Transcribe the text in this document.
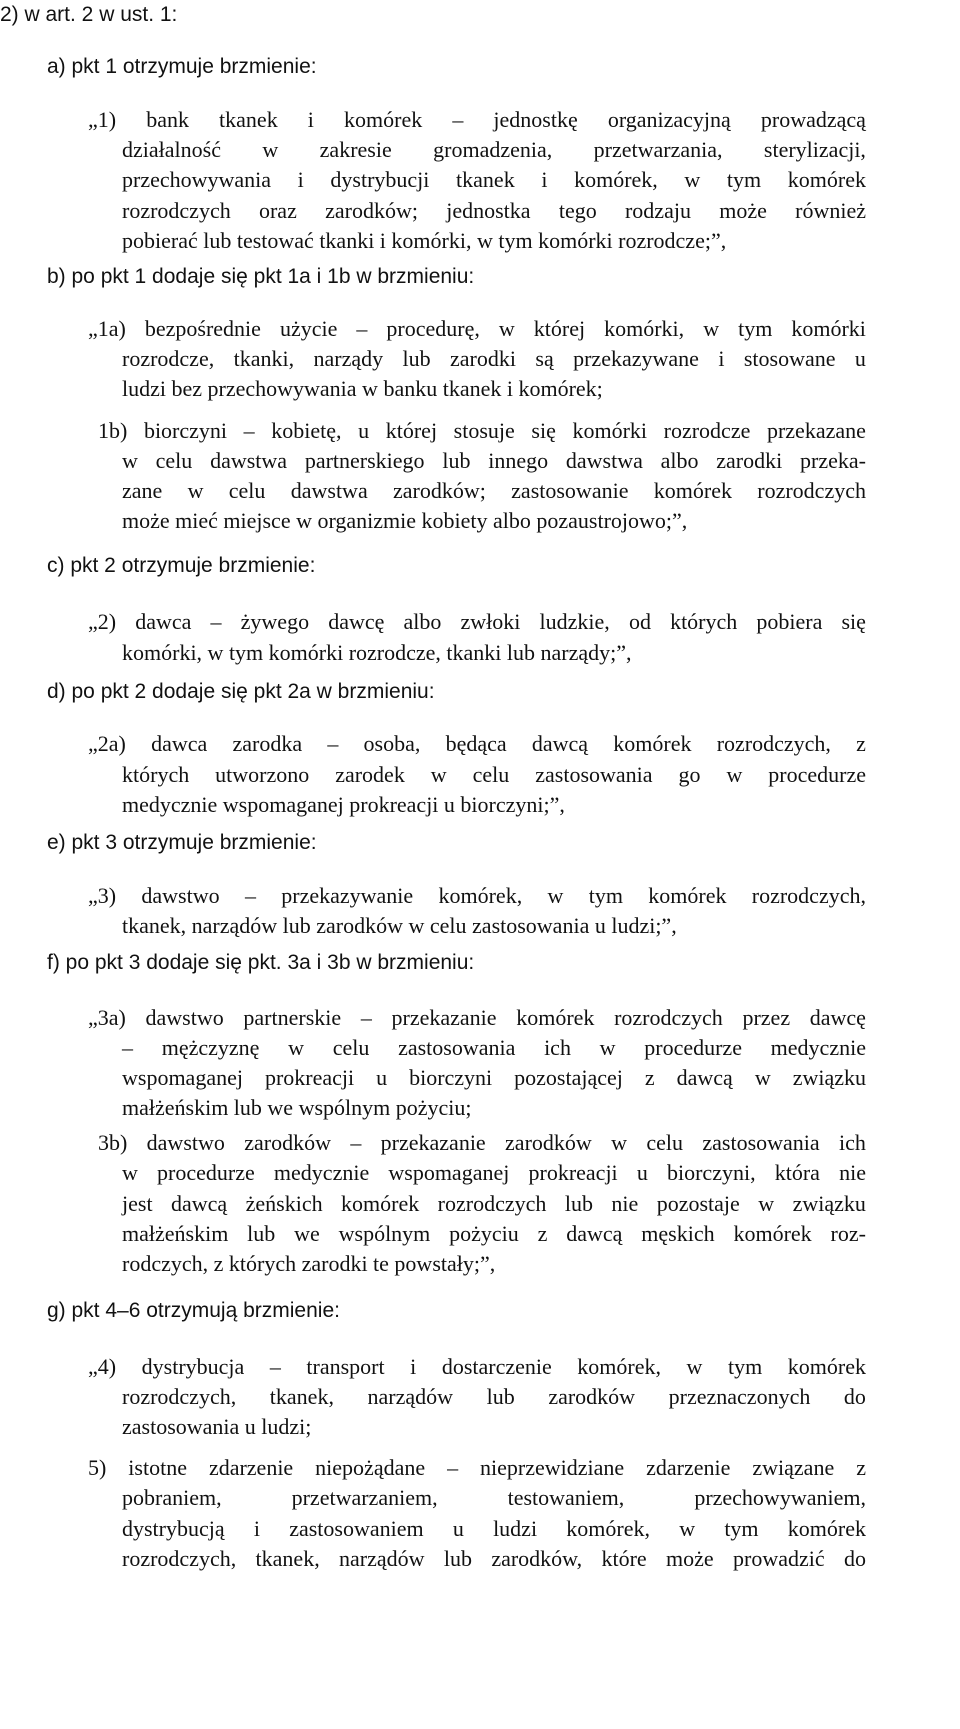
2) w art. 2 w ust. 1:
a) pkt 1 otrzymuje brzmienie:
„1) bank tkanek i komórek – jednostkę organizacyjną prowadzącą
działalność w zakresie gromadzenia, przetwarzania, sterylizacji,
przechowywania i dystrybucji tkanek i komórek, w tym komórek
rozrodczych oraz zarodków; jednostka tego rodzaju może również
pobierać lub testować tkanki i komórki, w tym komórki rozrodcze;”,
b) po pkt 1 dodaje się pkt 1a i 1b w brzmieniu:
„1a) bezpośrednie użycie – procedurę, w której komórki, w tym komórki
rozrodcze, tkanki, narządy lub zarodki są przekazywane i stosowane u
ludzi bez przechowywania w banku tkanek i komórek;
1b) biorczyni – kobietę, u której stosuje się komórki rozrodcze przekazane
w celu dawstwa partnerskiego lub innego dawstwa albo zarodki przeka-
zane w celu dawstwa zarodków; zastosowanie komórek rozrodczych
może mieć miejsce w organizmie kobiety albo pozaustrojowo;”,
c) pkt 2 otrzymuje brzmienie:
„2) dawca – żywego dawcę albo zwłoki ludzkie, od których pobiera się
komórki, w tym komórki rozrodcze, tkanki lub narządy;”,
d) po pkt 2 dodaje się pkt 2a w brzmieniu:
„2a) dawca zarodka – osoba, będąca dawcą komórek rozrodczych, z
których utworzono zarodek w celu zastosowania go w procedurze
medycznie wspomaganej prokreacji u biorczyni;”,
e) pkt 3 otrzymuje brzmienie:
„3) dawstwo – przekazywanie komórek, w tym komórek rozrodczych,
tkanek, narządów lub zarodków w celu zastosowania u ludzi;”,
f) po pkt 3 dodaje się pkt. 3a i 3b w brzmieniu:
„3a) dawstwo partnerskie – przekazanie komórek rozrodczych przez dawcę
– mężczyznę w celu zastosowania ich w procedurze medycznie
wspomaganej prokreacji u biorczyni pozostającej z dawcą w związku
małżeńskim lub we wspólnym pożyciu;
3b) dawstwo zarodków – przekazanie zarodków w celu zastosowania ich
w procedurze medycznie wspomaganej prokreacji u biorczyni, która nie
jest dawcą żeńskich komórek rozrodczych lub nie pozostaje w związku
małżeńskim lub we wspólnym pożyciu z dawcą męskich komórek roz-
rodczych, z których zarodki te powstały;”,
g) pkt 4–6 otrzymują brzmienie:
„4) dystrybucja – transport i dostarczenie komórek, w tym komórek
rozrodczych, tkanek, narządów lub zarodków przeznaczonych do
zastosowania u ludzi;
5) istotne zdarzenie niepożądane – nieprzewidziane zdarzenie związane z
pobraniem,	przetwarzaniem,	testowaniem,	przechowywaniem,
dystrybucją i zastosowaniem u ludzi komórek, w tym komórek
rozrodczych, tkanek, narządów lub zarodków, które może prowadzić do
